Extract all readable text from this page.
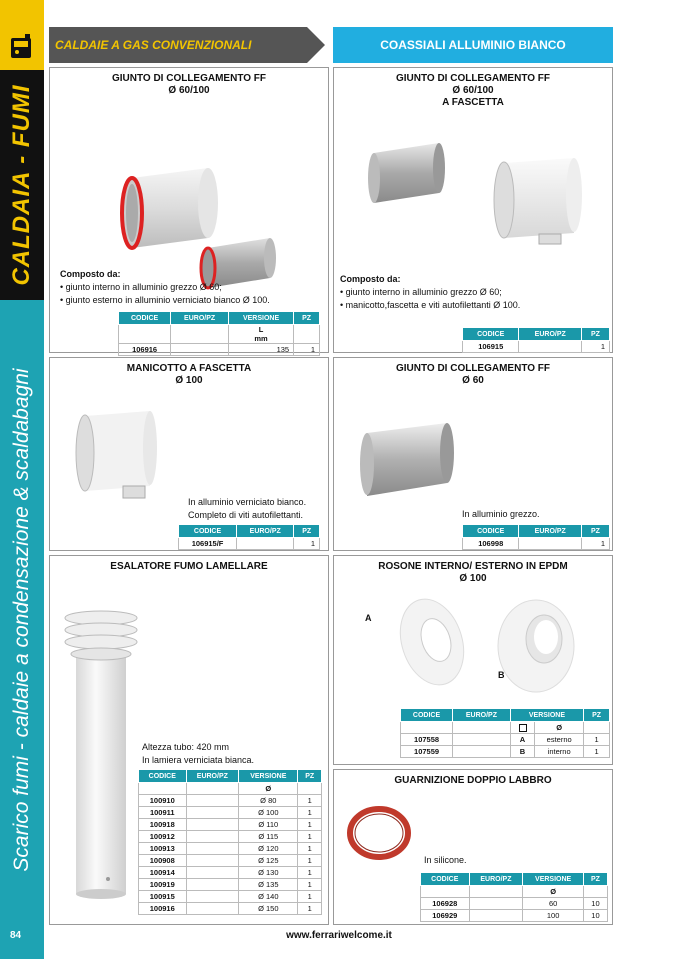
CALDAIA - FUMI
Scarico fumi - caldaie a condensazione & scaldabagni
84
CALDAIE A GAS CONVENZIONALI	COASSIALI ALLUMINIO BIANCO
GIUNTO DI COLLEGAMENTO FF
Ø 60/100
Composto da:
• giunto interno in alluminio grezzo Ø 60;
• giunto esterno in alluminio verniciato bianco Ø 100.
CODICE	EURO/PZ	VERSIONE	PZ
		L
mm	
106916		135	1
GIUNTO DI COLLEGAMENTO FF
Ø 60/100
A FASCETTA
Composto da:
• giunto interno in alluminio grezzo Ø 60;
• manicotto,fascetta e viti autofilettanti Ø 100.
CODICE	EURO/PZ	PZ
106915		1
MANICOTTO A FASCETTA
Ø 100
In alluminio verniciato bianco.
Completo di viti autofilettanti.
CODICE	EURO/PZ	PZ
106915/F		1
GIUNTO DI COLLEGAMENTO FF
Ø 60
In alluminio grezzo.
CODICE	EURO/PZ	PZ
106998		1
ESALATORE FUMO LAMELLARE
Altezza tubo: 420 mm
In lamiera verniciata bianca.
CODICE	EURO/PZ	VERSIONE	PZ
		Ø	
100910		Ø 80	1
100911		Ø 100	1
100918		Ø 110	1
100912		Ø 115	1
100913		Ø 120	1
100908		Ø 125	1
100914		Ø 130	1
100919		Ø 135	1
100915		Ø 140	1
100916		Ø 150	1
ROSONE INTERNO/ ESTERNO IN EPDM
Ø 100
A
B
CODICE	EURO/PZ	VERSIONE		PZ
			Ø	
107558		A	esterno	1
107559		B	interno	1
GUARNIZIONE DOPPIO LABBRO
In silicone.
CODICE	EURO/PZ	VERSIONE	PZ
		Ø	
106928		60	10
106929		100	10
www.ferrariwelcome.it
